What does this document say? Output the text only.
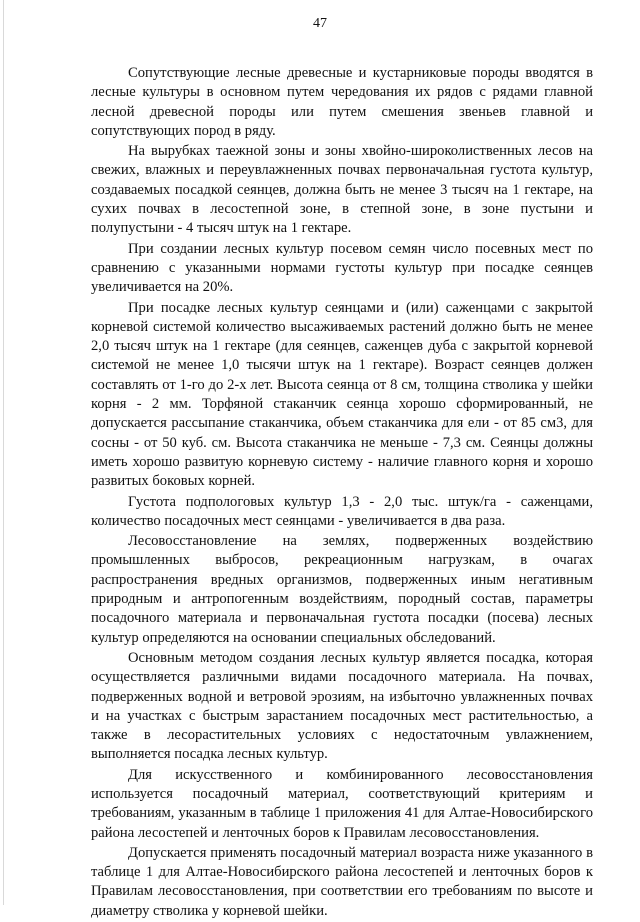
47

Сопутствующие лесные древесные и кустарниковые породы вводятся в лесные культуры в основном путем чередования их рядов с рядами главной лесной древесной породы или путем смешения звеньев главной и сопутствующих пород в ряду.

На вырубках таежной зоны и зоны хвойно-широколиственных лесов на свежих, влажных и переувлажненных почвах первоначальная густота культур, создаваемых посадкой сеянцев, должна быть не менее 3 тысяч на 1 гектаре, на сухих почвах в лесостепной зоне, в степной зоне, в зоне пустыни и полупустыни - 4 тысяч штук на 1 гектаре.

При создании лесных культур посевом семян число посевных мест по сравнению с указанными нормами густоты культур при посадке сеянцев увеличивается на 20%.

При посадке лесных культур сеянцами и (или) саженцами с закрытой корневой системой количество высаживаемых растений должно быть не менее 2,0 тысяч штук на 1 гектаре (для сеянцев, саженцев дуба с закрытой корневой системой не менее 1,0 тысячи штук на 1 гектаре). Возраст сеянцев должен составлять от 1-го до 2-х лет. Высота сеянца от 8 см, толщина стволика у шейки корня - 2 мм. Торфяной стаканчик сеянца хорошо сформированный, не допускается рассыпание стаканчика, объем стаканчика для ели - от 85 см3, для сосны - от 50 куб. см. Высота стаканчика не меньше - 7,3 см. Сеянцы должны иметь хорошо развитую корневую систему - наличие главного корня и хорошо развитых боковых корней.

Густота подпологовых культур 1,3 - 2,0 тыс. штук/га - саженцами, количество посадочных мест сеянцами - увеличивается в два раза.

Лесовосстановление на землях, подверженных воздействию промышленных выбросов, рекреационным нагрузкам, в очагах распространения вредных организмов, подверженных иным негативным природным и антропогенным воздействиям, породный состав, параметры посадочного материала и первоначальная густота посадки (посева) лесных культур определяются на основании специальных обследований.

Основным методом создания лесных культур является посадка, которая осуществляется различными видами посадочного материала. На почвах, подверженных водной и ветровой эрозиям, на избыточно увлажненных почвах и на участках с быстрым зарастанием посадочных мест растительностью, а также в лесорастительных условиях с недостаточным увлажнением, выполняется посадка лесных культур.

Для искусственного и комбинированного лесовосстановления используется посадочный материал, соответствующий критериям и требованиям, указанным в таблице 1 приложения 41 для Алтае-Новосибирского района лесостепей и ленточных боров к Правилам лесовосстановления.

Допускается применять посадочный материал возраста ниже указанного в таблице 1 для Алтае-Новосибирского района лесостепей и ленточных боров к Правилам лесовосстановления, при соответствии его требованиям по высоте и диаметру стволика у корневой шейки.
